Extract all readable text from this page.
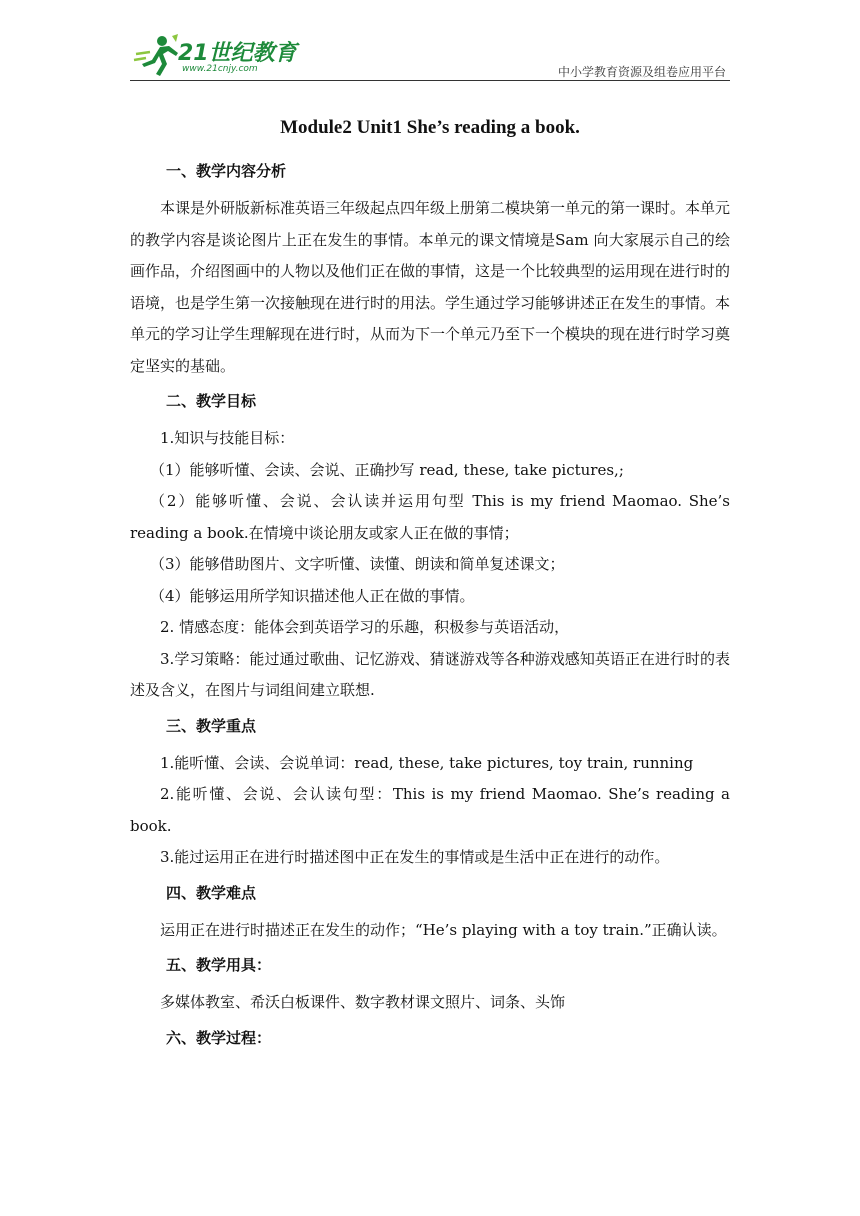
21世纪教育
www.21cnjy.com	中小学教育资源及组卷应用平台
Module2 Unit1 She’s reading a book.
一、教学内容分析

本课是外研版新标准英语三年级起点四年级上册第二模块第一单元的第一课时。本单元的教学内容是谈论图片上正在发生的事情。本单元的课文情境是Sam 向大家展示自己的绘画作品，介绍图画中的人物以及他们正在做的事情，这是一个比较典型的运用现在进行时的语境，也是学生第一次接触现在进行时的用法。学生通过学习能够讲述正在发生的事情。本单元的学习让学生理解现在进行时，从而为下一个单元乃至下一个模块的现在进行时学习奠定坚实的基础。

二、教学目标

1.知识与技能目标：

（1）能够听懂、会读、会说、正确抄写 read, these, take pictures,;

（2）能够听懂、会说、会认读并运用句型 This is my friend Maomao. She’s reading a book.在情境中谈论朋友或家人正在做的事情；

（3）能够借助图片、文字听懂、读懂、朗读和简单复述课文；

（4）能够运用所学知识描述他人正在做的事情。

2. 情感态度：能体会到英语学习的乐趣，积极参与英语活动，

3.学习策略：能过通过歌曲、记忆游戏、猜谜游戏等各种游戏感知英语正在进行时的表述及含义，在图片与词组间建立联想.

三、教学重点

1.能听懂、会读、会说单词：read, these, take pictures, toy train, running

2.能听懂、会说、会认读句型：This is my friend Maomao. She’s reading a book.

3.能过运用正在进行时描述图中正在发生的事情或是生活中正在进行的动作。

四、教学难点

运用正在进行时描述正在发生的动作；“He’s playing with a toy train.”正确认读。

五、教学用具：

多媒体教室、希沃白板课件、数字教材课文照片、词条、头饰

六、教学过程：
